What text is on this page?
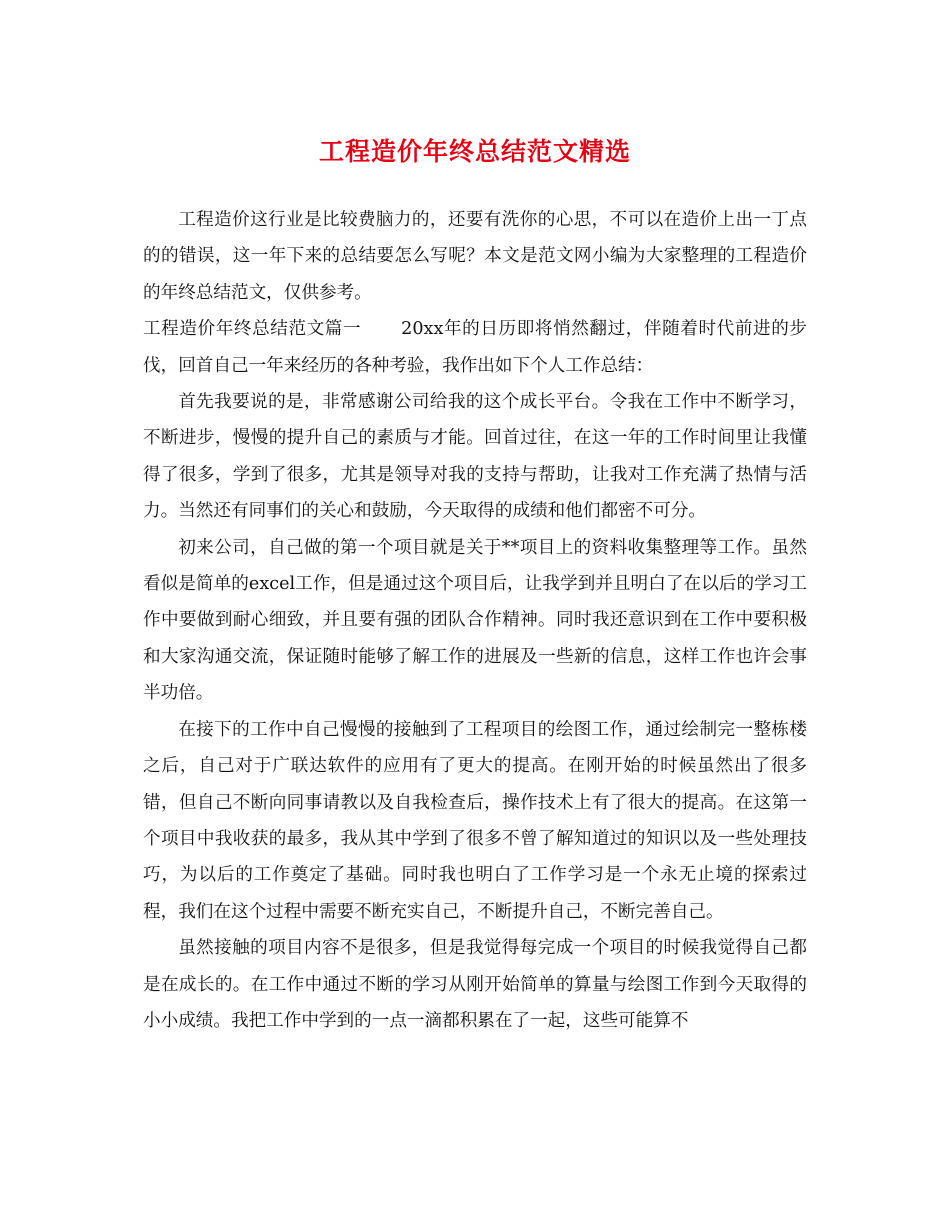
工程造价年终总结范文精选

工程造价这行业是比较费脑力的，还要有洗你的心思，不可以在造价上出一丁点的的错误，这一年下来的总结要怎么写呢？本文是范文网小编为大家整理的工程造价的年终总结范文，仅供参考。

工程造价年终总结范文篇一 20xx年的日历即将悄然翻过，伴随着时代前进的步伐，回首自己一年来经历的各种考验，我作出如下个人工作总结：

首先我要说的是，非常感谢公司给我的这个成长平台。令我在工作中不断学习，不断进步，慢慢的提升自己的素质与才能。回首过往，在这一年的工作时间里让我懂得了很多，学到了很多，尤其是领导对我的支持与帮助，让我对工作充满了热情与活力。当然还有同事们的关心和鼓励，今天取得的成绩和他们都密不可分。

初来公司，自己做的第一个项目就是关于**项目上的资料收集整理等工作。虽然看似是简单的excel工作，但是通过这个项目后，让我学到并且明白了在以后的学习工作中要做到耐心细致，并且要有强的团队合作精神。同时我还意识到在工作中要积极和大家沟通交流，保证随时能够了解工作的进展及一些新的信息，这样工作也许会事半功倍。

在接下的工作中自己慢慢的接触到了工程项目的绘图工作，通过绘制完一整栋楼之后，自己对于广联达软件的应用有了更大的提高。在刚开始的时候虽然出了很多错，但自己不断向同事请教以及自我检查后，操作技术上有了很大的提高。在这第一个项目中我收获的最多，我从其中学到了很多不曾了解知道过的知识以及一些处理技巧，为以后的工作奠定了基础。同时我也明白了工作学习是一个永无止境的探索过程，我们在这个过程中需要不断充实自己，不断提升自己，不断完善自己。

虽然接触的项目内容不是很多，但是我觉得每完成一个项目的时候我觉得自己都是在成长的。在工作中通过不断的学习从刚开始简单的算量与绘图工作到今天取得的小小成绩。我把工作中学到的一点一滴都积累在了一起，这些可能算不
